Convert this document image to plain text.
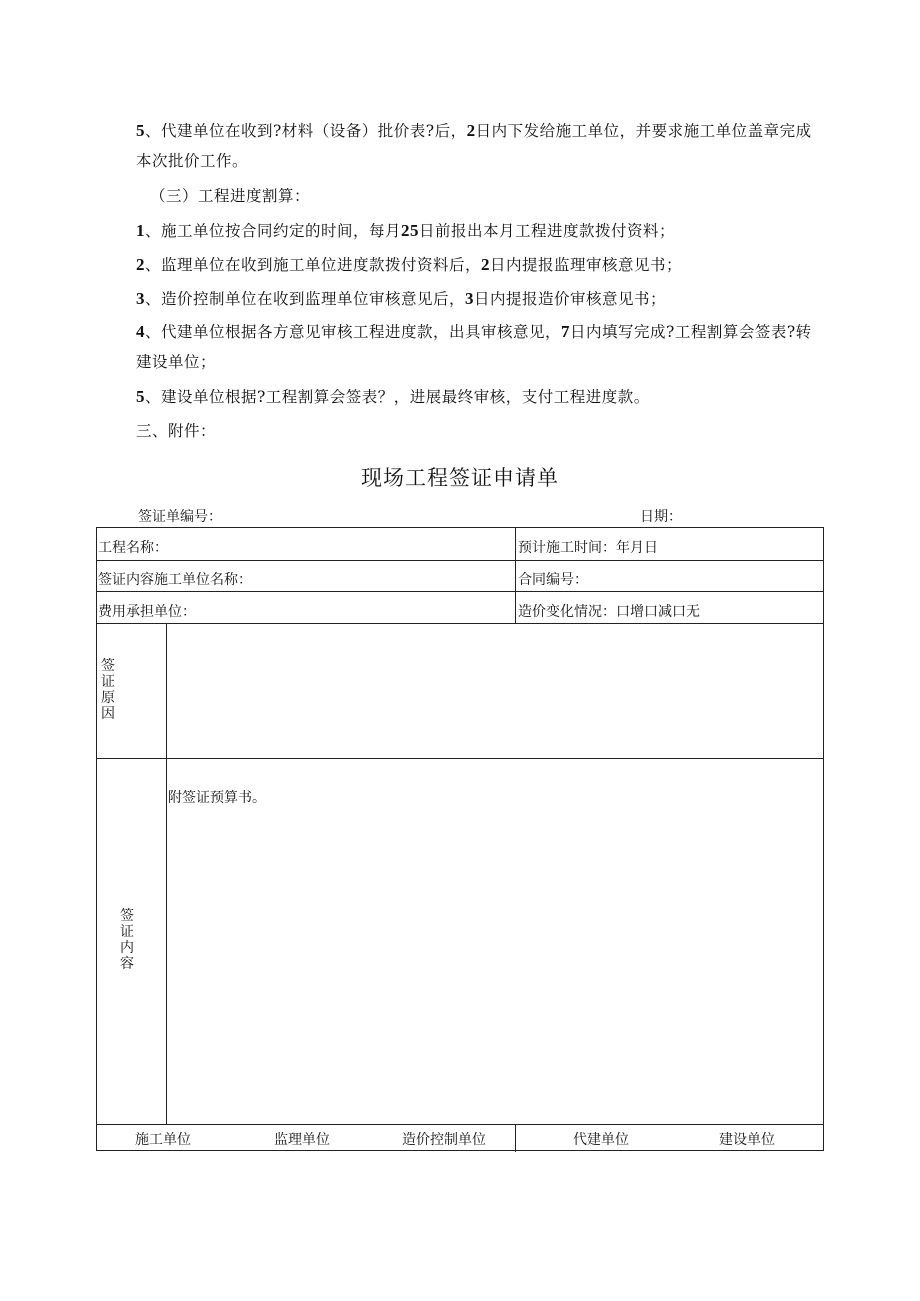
5、代建单位在收到?材料（设备）批价表?后，2日内下发给施工单位，并要求施工单位盖章完成本次批价工作。
（三）工程进度割算：
1、施工单位按合同约定的时间，每月25日前报出本月工程进度款拨付资料；
2、监理单位在收到施工单位进度款拨付资料后，2日内提报监理审核意见书；
3、造价控制单位在收到监理单位审核意见后，3日内提报造价审核意见书；
4、代建单位根据各方意见审核工程进度款，出具审核意见，7日内填写完成?工程割算会签表?转建设单位；
5、建设单位根据?工程割算会签表？，进展最终审核，支付工程进度款。
三、附件：
现场工程签证申请单
签证单编号：	日期：
工程名称：	预计施工时间：年月日
签证内容施工单位名称：	合同编号：
费用承担单位：	造价变化情况：口增口减口无
签
证
原
因
签
证
内
容
附签证预算书。
施工单位	监理单位	造价控制单位	代建单位	建设单位
